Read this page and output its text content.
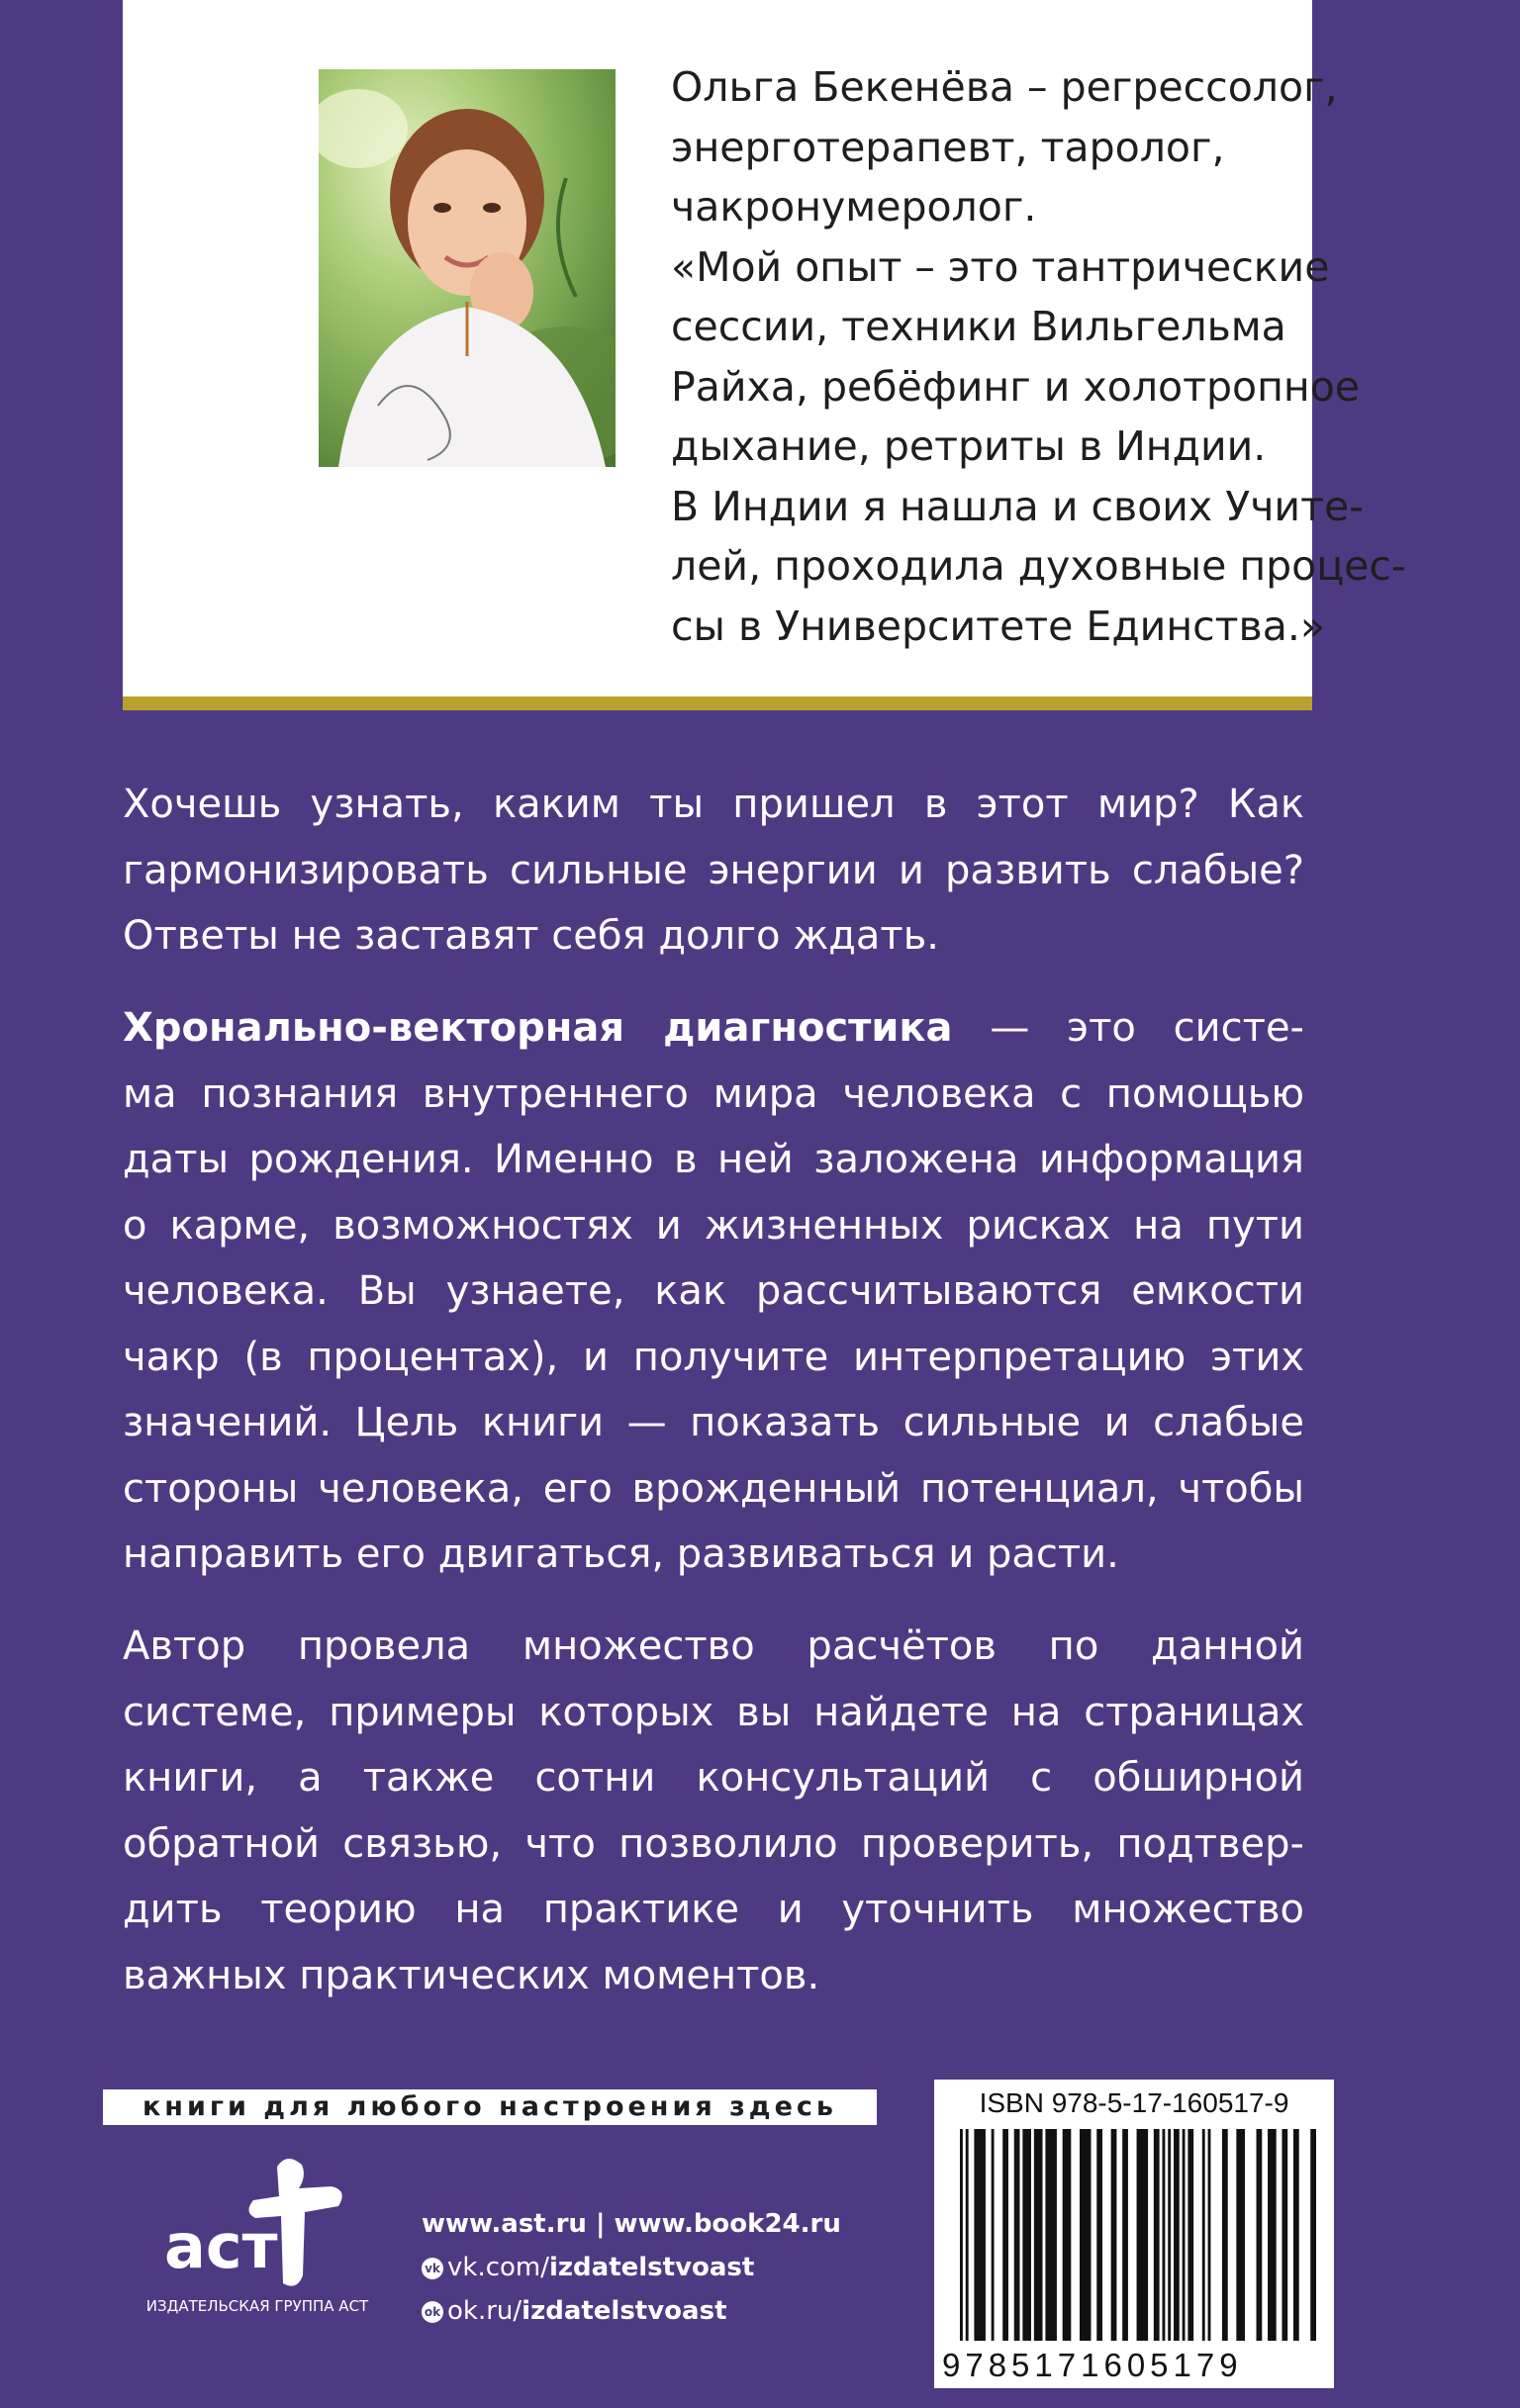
Ольга Бекенёва – регрессолог,
энерготерапевт, таролог,
чакронумеролог.
«Мой опыт – это тантрические
сессии, техники Вильгельма
Райха, ребёфинг и холотропное
дыхание, ретриты в Индии.
В Индии я нашла и своих Учите-
лей, проходила духовные процес-
сы в Университете Единства.»

Хочешь узнать, каким ты пришел в этот мир? Как
гармонизировать сильные энергии и развить слабые?
Ответы не заставят себя долго ждать.

Хронально-векторная диагностика — это систе-
ма познания внутреннего мира человека с помощью
даты рождения. Именно в ней заложена информация
о карме, возможностях и жизненных рисках на пути
человека. Вы узнаете, как рассчитываются емкости
чакр (в процентах), и получите интерпретацию этих
значений. Цель книги — показать сильные и слабые
стороны человека, его врожденный потенциал, чтобы
направить его двигаться, развиваться и расти.

Автор провела множество расчётов по данной
системе, примеры которых вы найдете на страницах
книги, а также сотни консультаций с обширной
обратной связью, что позволило проверить, подтвер-
дить теорию на практике и уточнить множество
важных практических моментов.

книги для любого настроения здесь
аст
ИЗДАТЕЛЬСКАЯ ГРУППА АСТ
www.ast.ru | www.book24.ru
vk vk.com/izdatelstvoast
ok ok.ru/izdatelstvoast
ISBN 978-5-17-160517-9
9785171605179
